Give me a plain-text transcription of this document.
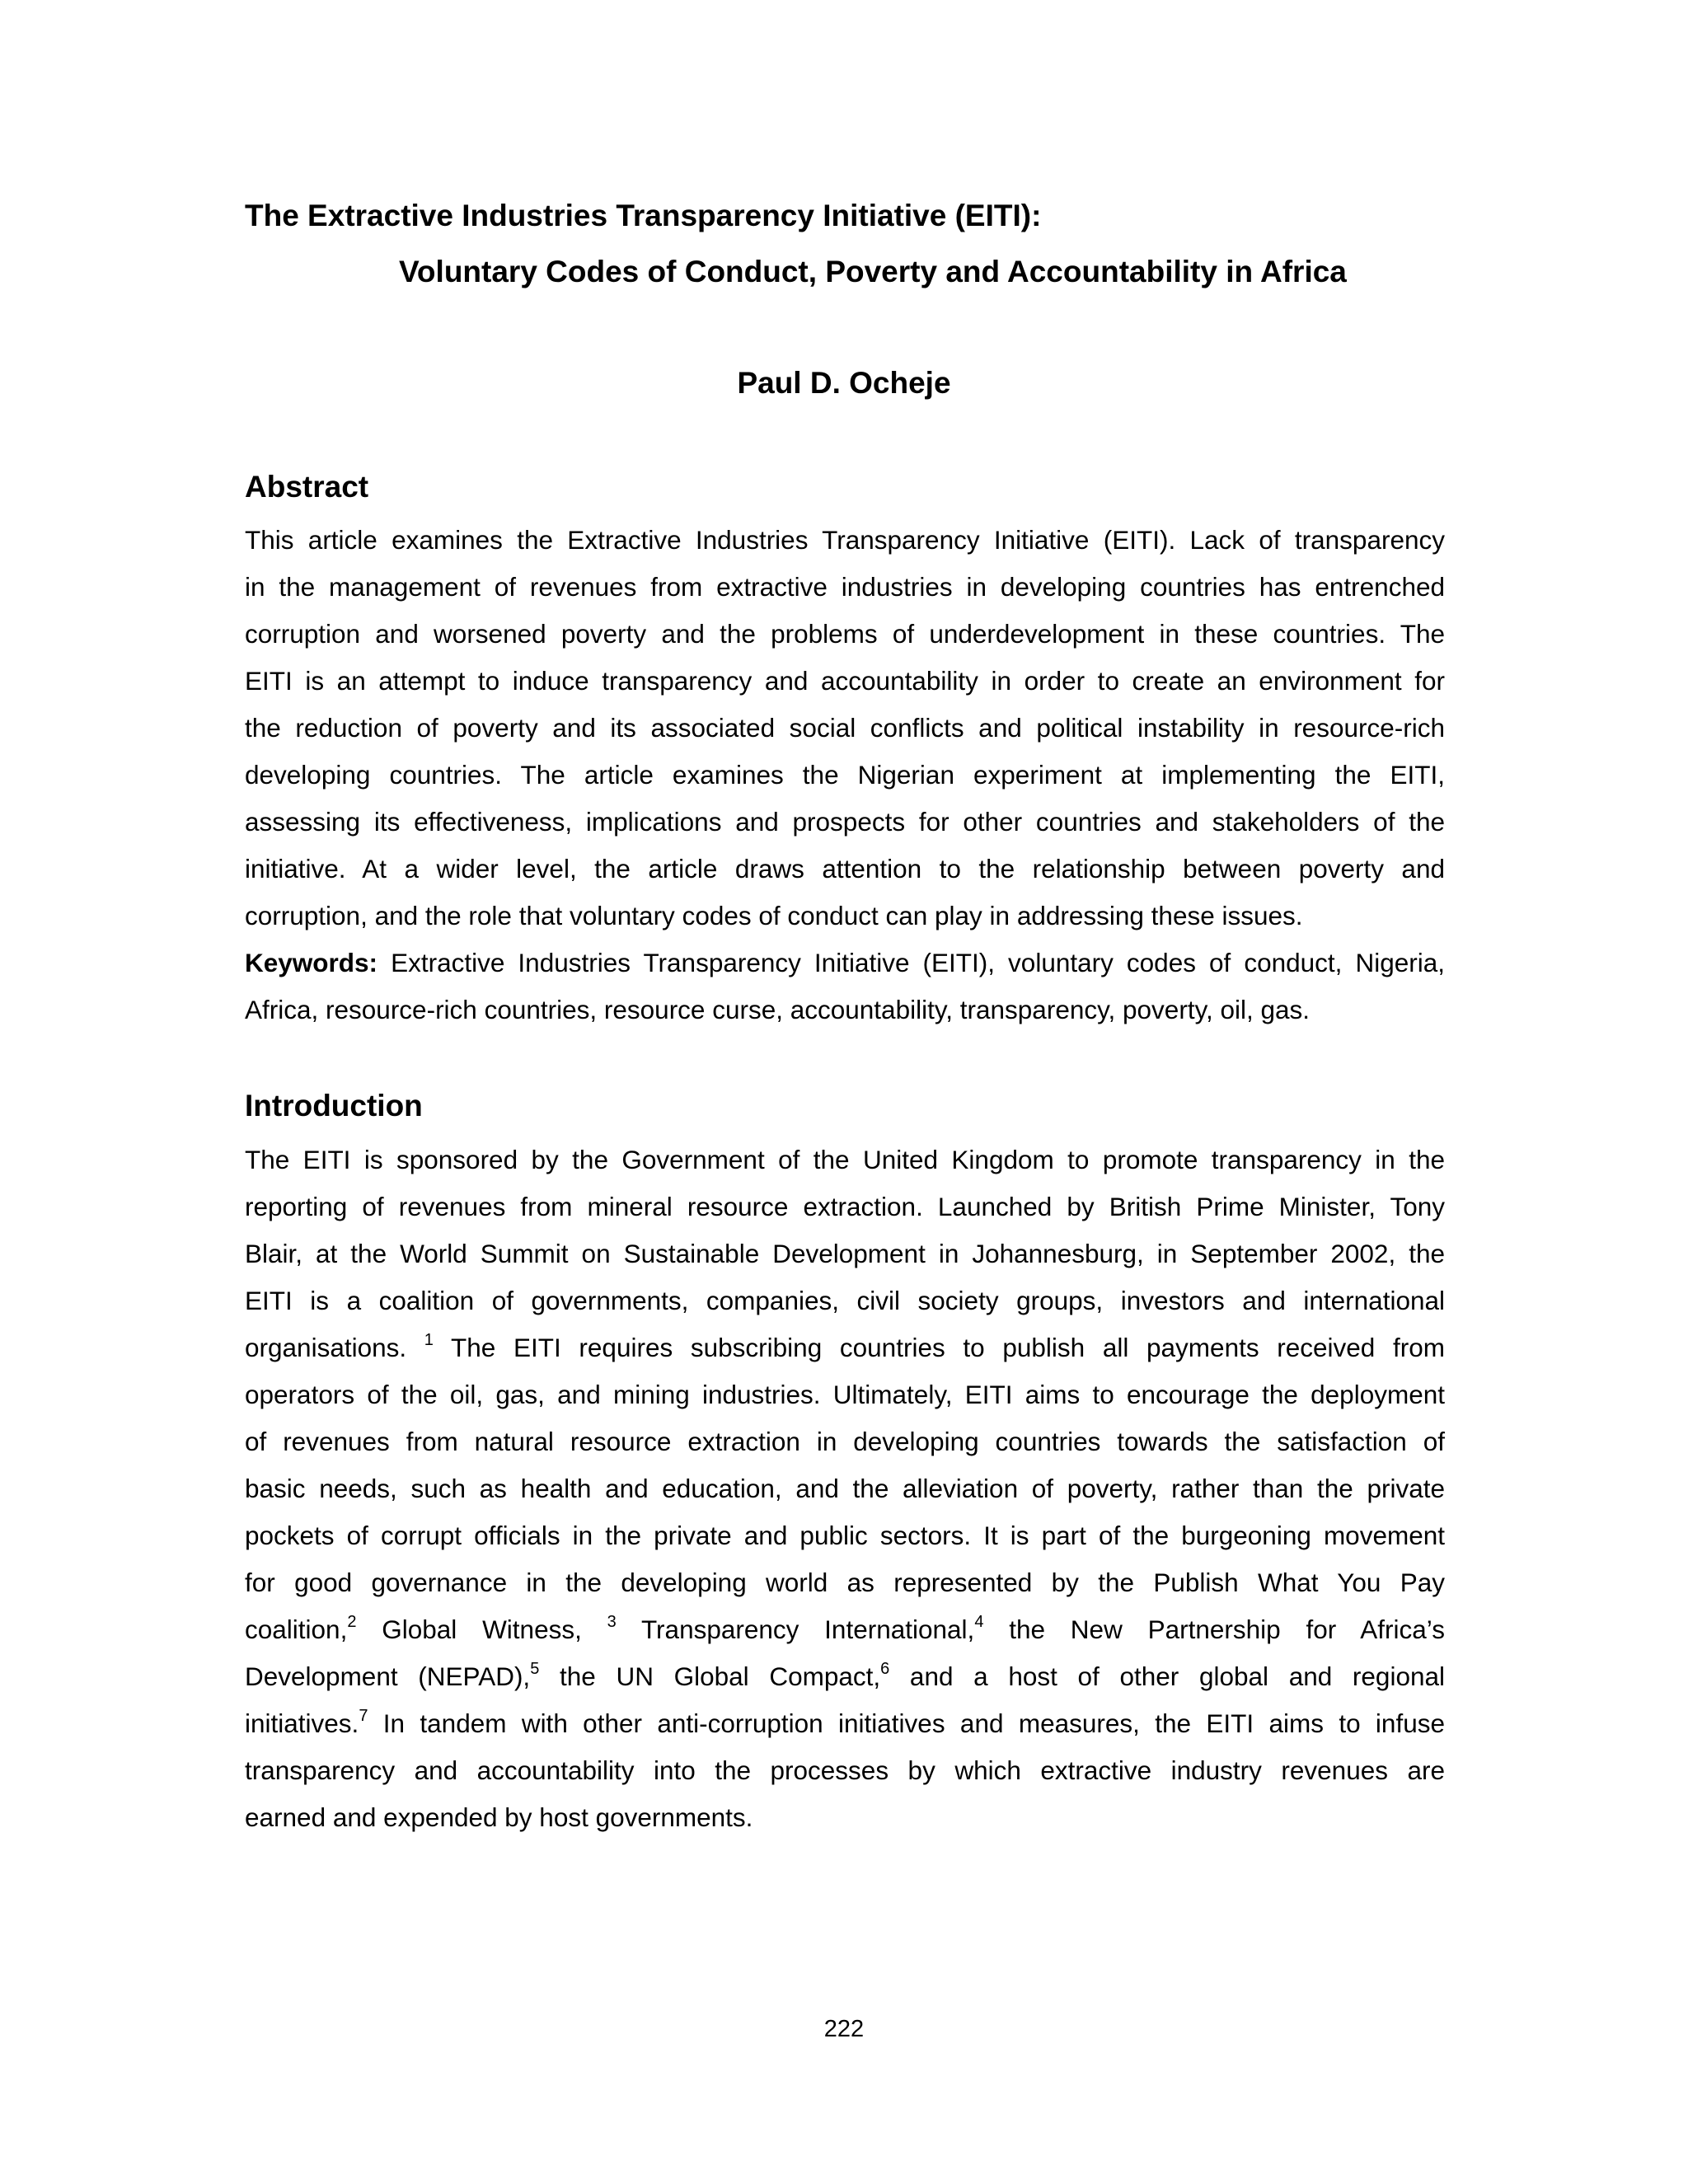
The Extractive Industries Transparency Initiative (EITI):
Voluntary Codes of Conduct, Poverty and Accountability in Africa
Paul D. Ocheje
Abstract
This article examines the Extractive Industries Transparency Initiative (EITI). Lack of transparency
in the management of revenues from extractive industries in developing countries has entrenched
corruption and worsened poverty and the problems of underdevelopment in these countries. The
EITI is an attempt to induce transparency and accountability in order to create an environment for
the reduction of poverty and its associated social conflicts and political instability in resource-rich
developing countries. The article examines the Nigerian experiment at implementing the EITI,
assessing its effectiveness, implications and prospects for other countries and stakeholders of the
initiative. At a wider level, the article draws attention to the relationship between poverty and
corruption, and the role that voluntary codes of conduct can play in addressing these issues.
Keywords: Extractive Industries Transparency Initiative (EITI), voluntary codes of conduct, Nigeria,
Africa, resource-rich countries, resource curse, accountability, transparency, poverty, oil, gas.
Introduction
The EITI is sponsored by the Government of the United Kingdom to promote transparency in the
reporting of revenues from mineral resource extraction. Launched by British Prime Minister, Tony
Blair, at the World Summit on Sustainable Development in Johannesburg, in September 2002, the
EITI is a coalition of governments, companies, civil society groups, investors and international
organisations. $^1$ The EITI requires subscribing countries to publish all payments received from
operators of the oil, gas, and mining industries. Ultimately, EITI aims to encourage the deployment
of revenues from natural resource extraction in developing countries towards the satisfaction of
basic needs, such as health and education, and the alleviation of poverty, rather than the private
pockets of corrupt officials in the private and public sectors. It is part of the burgeoning movement
for good governance in the developing world as represented by the Publish What You Pay
coalition,$^2$ Global Witness, $^3$ Transparency International,$^4$ the New Partnership for Africa’s
Development (NEPAD),$^5$ the UN Global Compact,$^6$ and a host of other global and regional
initiatives.$^7$ In tandem with other anti-corruption initiatives and measures, the EITI aims to infuse
transparency and accountability into the processes by which extractive industry revenues are
earned and expended by host governments.
222
